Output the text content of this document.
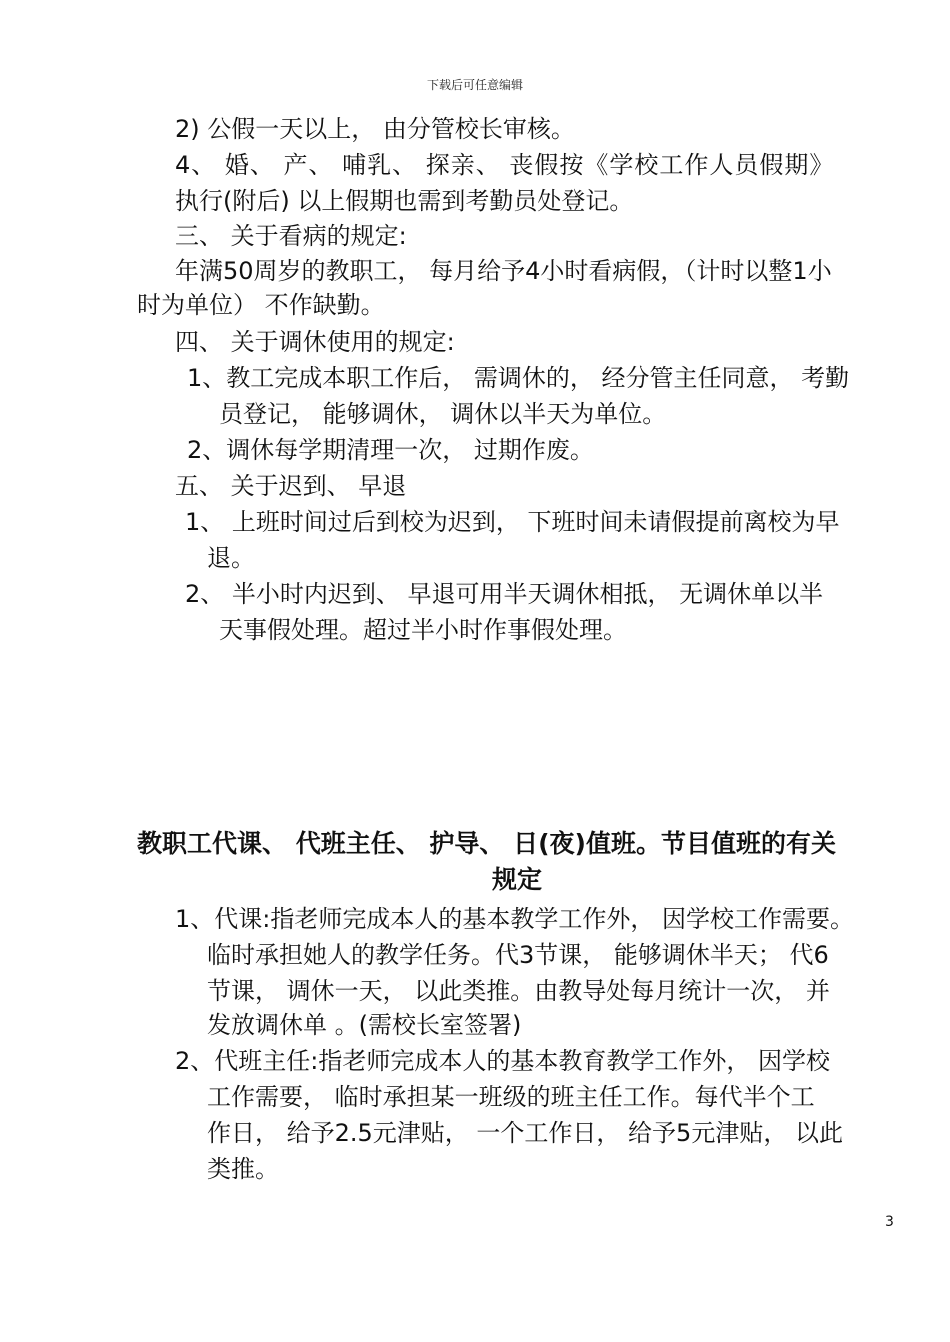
下载后可任意编辑
2) 公假一天以上， 由分管校长审核。
4、 婚、 产、 哺乳、 探亲、 丧假按《学校工作人员假期》
执行(附后) 以上假期也需到考勤员处登记。
三、 关于看病的规定:
年满50周岁的教职工， 每月给予4小时看病假，（计时以整1小
时为单位） 不作缺勤。
四、 关于调休使用的规定:
1、教工完成本职工作后， 需调休的， 经分管主任同意， 考勤
员登记， 能够调休， 调休以半天为单位。
2、调休每学期清理一次， 过期作废。
五、 关于迟到、 早退
1、 上班时间过后到校为迟到， 下班时间未请假提前离校为早
退。
2、 半小时内迟到、 早退可用半天调休相抵， 无调休单以半
天事假处理。超过半小时作事假处理。
教职工代课、 代班主任、 护导、 日(夜)值班。节目值班的有关
规定
1、代课:指老师完成本人的基本教学工作外， 因学校工作需要。
临时承担她人的教学任务。代3节课， 能够调休半天； 代6
节课， 调休一天， 以此类推。由教导处每月统计一次， 并
发放调休单 。(需校长室签署)
2、代班主任:指老师完成本人的基本教育教学工作外， 因学校
工作需要， 临时承担某一班级的班主任工作。每代半个工
作日， 给予2.5元津贴， 一个工作日， 给予5元津贴， 以此
类推。
3
